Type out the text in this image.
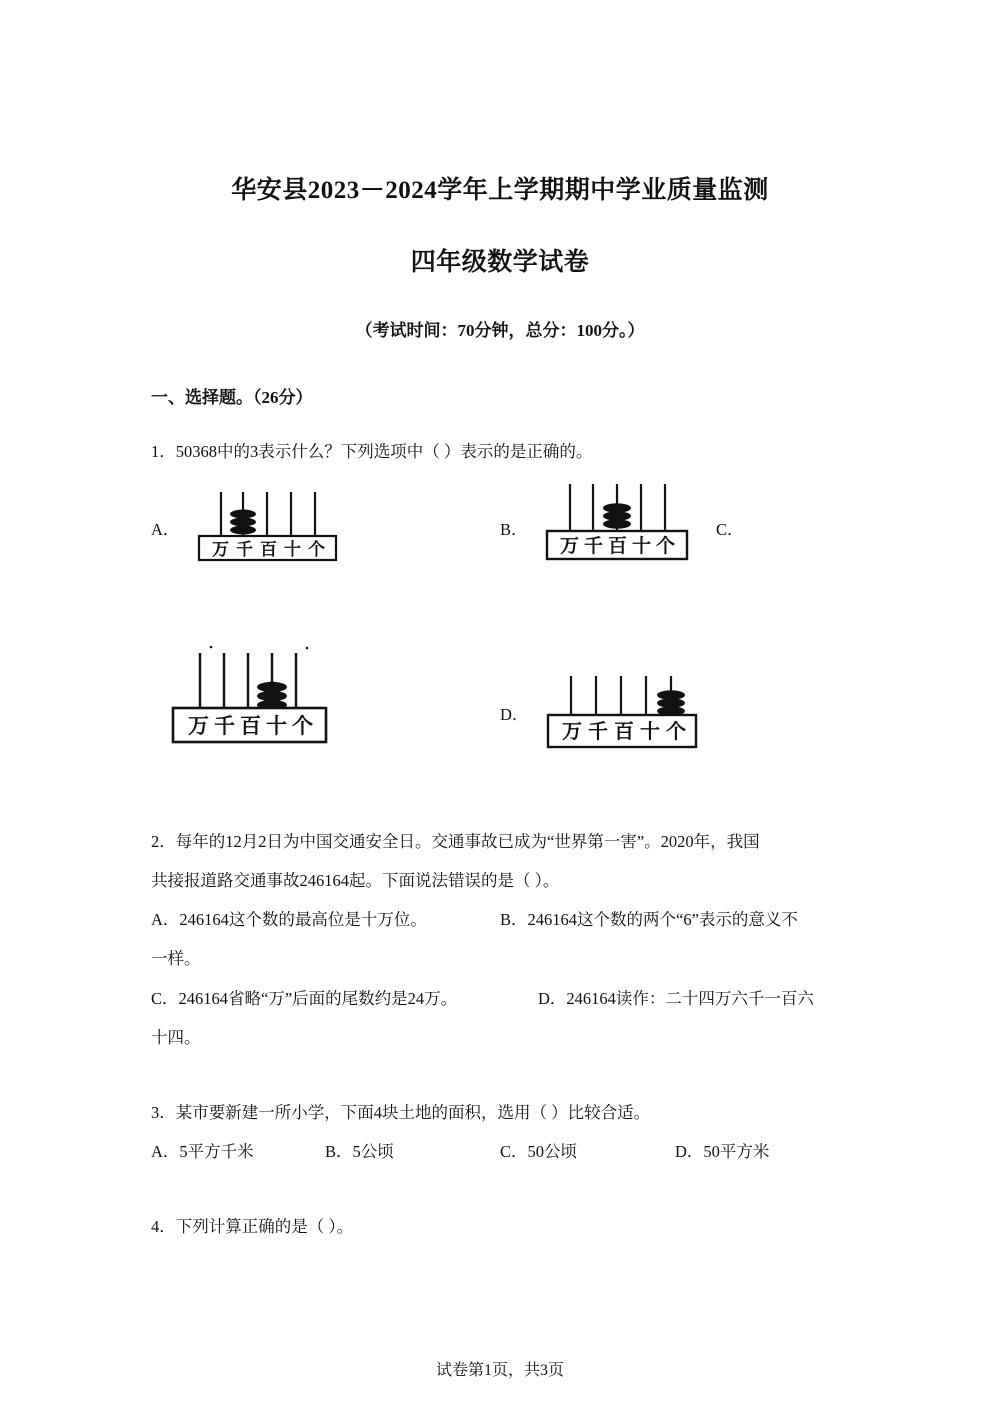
华安县2023－2024学年上学期期中学业质量监测
四年级数学试卷
（考试时间：70分钟，总分：100分。）
一、选择题。（26分）
1．50368中的3表示什么？下列选项中（ ）表示的是正确的。
A．	B．	C．
D．
万 千 百 十 个	万 千 百 十 个
万 千 百 十 个	万 千 百 十 个
2．每年的12月2日为中国交通安全日。交通事故已成为“世界第一害”。2020年，我国
共接报道路交通事故246164起。下面说法错误的是（ ）。
A．246164这个数的最高位是十万位。	B．246164这个数的两个“6”表示的意义不
一样。
C．246164省略“万”后面的尾数约是24万。	D．246164读作：二十四万六千一百六
十四。
3．某市要新建一所小学，下面4块土地的面积，选用（ ）比较合适。
A．5平方千米	B．5公顷	C．50公顷	D．50平方米
4．下列计算正确的是（ ）。
试卷第1页，共3页
